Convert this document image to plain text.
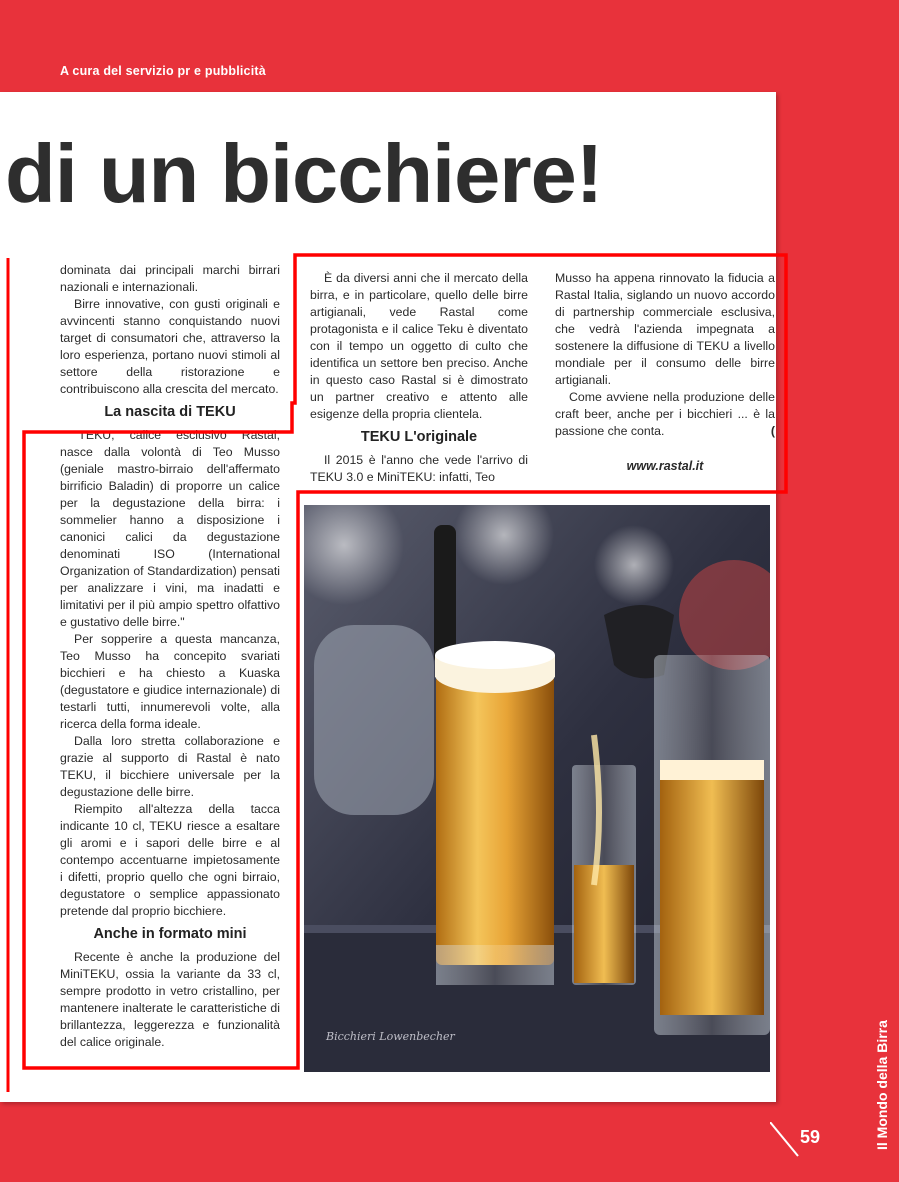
A cura del servizio pr e pubblicità
di un bicchiere!

dominata dai principali marchi birrari nazionali e internazionali.

Birre innovative, con gusti originali e avvincenti stanno conquistando nuovi target di consumatori che, attraverso la loro esperienza, portano nuovi stimoli al settore della ristorazione e contribuiscono alla crescita del mercato.

La nascita di TEKU

"TEKU, calice esclusivo Rastal, nasce dalla volontà di Teo Musso (geniale mastro-birraio dell'affermato birrificio Baladin) di proporre un calice per la degustazione della birra: i sommelier hanno a disposizione i canonici calici da degustazione denominati ISO (International Organization of Standardization) pensati per analizzare i vini, ma inadatti e limitativi per il più ampio spettro olfattivo e gustativo delle birre."

Per sopperire a questa mancanza, Teo Musso ha concepito svariati bicchieri e ha chiesto a Kuaska (degustatore e giudice internazionale) di testarli tutti, innumerevoli volte, alla ricerca della forma ideale.

Dalla loro stretta collaborazione e grazie al supporto di Rastal è nato TEKU, il bicchiere universale per la degustazione delle birre.

Riempito all'altezza della tacca indicante 10 cl, TEKU riesce a esaltare gli aromi e i sapori delle birre e al contempo accentuarne impietosamente i difetti, proprio quello che ogni birraio, degustatore o semplice appassionato pretende dal proprio bicchiere.

Anche in formato mini

Recente è anche la produzione del MiniTEKU, ossia la variante da 33 cl, sempre prodotto in vetro cristallino, per mantenere inalterate le caratteristiche di brillantezza, leggerezza e funzionalità del calice originale.

È da diversi anni che il mercato della birra, e in particolare, quello delle birre artigianali, vede Rastal come protagonista e il calice Teku è diventato con il tempo un oggetto di culto che identifica un settore ben preciso. Anche in questo caso Rastal si è dimostrato un partner creativo e attento alle esigenze della propria clientela.

TEKU L'originale

Il 2015 è l'anno che vede l'arrivo di TEKU 3.0 e MiniTEKU: infatti, Teo

Musso ha appena rinnovato la fiducia a Rastal Italia, siglando un nuovo accordo di partnership commerciale esclusiva, che vedrà l'azienda impegnata a sostenere la diffusione di TEKU a livello mondiale per il consumo delle birre artigianali.

Come avviene nella produzione delle craft beer, anche per i bicchieri ... è la passione che conta.	(

www.rastal.it
Bicchieri Lowenbecher
59	Il Mondo della Birra
